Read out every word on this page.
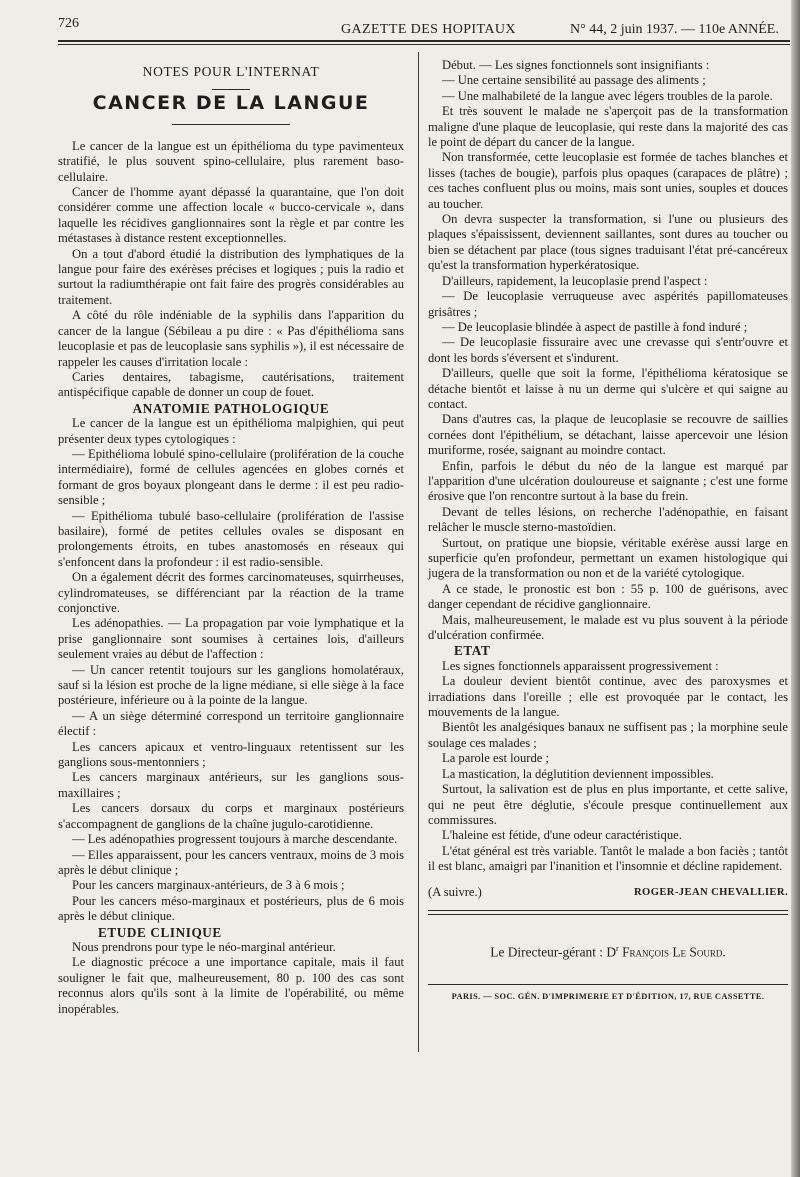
726	GAZETTE DES HOPITAUX	N° 44, 2 juin 1937. — 110e ANNÉE.
NOTES POUR L'INTERNAT
CANCER DE LA LANGUE

Le cancer de la langue est un épithélioma du type pavimenteux stratifié, le plus souvent spino-cellulaire, plus rarement baso-cellulaire.

Cancer de l'homme ayant dépassé la quarantaine, que l'on doit considérer comme une affection locale « bucco-cervicale », dans laquelle les récidives ganglionnaires sont la règle et par contre les métastases à distance restent exceptionnelles.

On a tout d'abord étudié la distribution des lymphatiques de la langue pour faire des exérèses précises et logiques ; puis la radio et surtout la radiumthérapie ont fait faire des progrès considérables au traitement.

A côté du rôle indéniable de la syphilis dans l'apparition du cancer de la langue (Sébileau a pu dire : « Pas d'épithélioma sans leucoplasie et pas de leucoplasie sans syphilis »), il est nécessaire de rappeler les causes d'irritation locale :

Caries dentaires, tabagisme, cautérisations, traitement antispécifique capable de donner un coup de fouet.

ANATOMIE PATHOLOGIQUE

Le cancer de la langue est un épithélioma malpighien, qui peut présenter deux types cytologiques :

— Epithélioma lobulé spino-cellulaire (prolifération de la couche intermédiaire), formé de cellules agencées en globes cornés et formant de gros boyaux plongeant dans le derme : il est peu radio-sensible ;

— Epithélioma tubulé baso-cellulaire (prolifération de l'assise basilaire), formé de petites cellules ovales se disposant en prolongements étroits, en tubes anastomosés en réseaux qui s'enfoncent dans la profondeur : il est radio-sensible.

On a également décrit des formes carcinomateuses, squirrheuses, cylindromateuses, se différenciant par la réaction de la trame conjonctive.

Les adénopathies. — La propagation par voie lymphatique et la prise ganglionnaire sont soumises à certaines lois, d'ailleurs seulement vraies au début de l'affection :

— Un cancer retentit toujours sur les ganglions homolatéraux, sauf si la lésion est proche de la ligne médiane, si elle siège à la face postérieure, inférieure ou à la pointe de la langue.

— A un siège déterminé correspond un territoire ganglionnaire électif :

Les cancers apicaux et ventro-linguaux retentissent sur les ganglions sous-mentonniers ;

Les cancers marginaux antérieurs, sur les ganglions sous-maxillaires ;

Les cancers dorsaux du corps et marginaux postérieurs s'accompagnent de ganglions de la chaîne jugulo-carotidienne.

— Les adénopathies progressent toujours à marche descendante.

— Elles apparaissent, pour les cancers ventraux, moins de 3 mois après le début clinique ;

Pour les cancers marginaux-antérieurs, de 3 à 6 mois ;

Pour les cancers méso-marginaux et postérieurs, plus de 6 mois après le début clinique.

ETUDE CLINIQUE

Nous prendrons pour type le néo-marginal antérieur.

Le diagnostic précoce a une importance capitale, mais il faut souligner le fait que, malheureusement, 80 p. 100 des cas sont reconnus alors qu'ils sont à la limite de l'opérabilité, ou même inopérables.

Début. — Les signes fonctionnels sont insignifiants :

— Une certaine sensibilité au passage des aliments ;

— Une malhabileté de la langue avec légers troubles de la parole.

Et très souvent le malade ne s'aperçoit pas de la transformation maligne d'une plaque de leucoplasie, qui reste dans la majorité des cas le point de départ du cancer de la langue.

Non transformée, cette leucoplasie est formée de taches blanches et lisses (taches de bougie), parfois plus opaques (carapaces de plâtre) ; ces taches confluent plus ou moins, mais sont unies, souples et douces au toucher.

On devra suspecter la transformation, si l'une ou plusieurs des plaques s'épaississent, deviennent saillantes, sont dures au toucher ou bien se détachent par place (tous signes traduisant l'état pré-cancéreux qu'est la transformation hyperkératosique.

D'ailleurs, rapidement, la leucoplasie prend l'aspect :

— De leucoplasie verruqueuse avec aspérités papillomateuses grisâtres ;

— De leucoplasie blindée à aspect de pastille à fond induré ;

— De leucoplasie fissuraire avec une crevasse qui s'entr'ouvre et dont les bords s'éversent et s'indurent.

D'ailleurs, quelle que soit la forme, l'épithélioma kératosique se détache bientôt et laisse à nu un derme qui s'ulcère et qui saigne au contact.

Dans d'autres cas, la plaque de leucoplasie se recouvre de saillies cornées dont l'épithélium, se détachant, laisse apercevoir une lésion muriforme, rosée, saignant au moindre contact.

Enfin, parfois le début du néo de la langue est marqué par l'apparition d'une ulcération douloureuse et saignante ; c'est une forme érosive que l'on rencontre surtout à la base du frein.

Devant de telles lésions, on recherche l'adénopathie, en faisant relâcher le muscle sterno-mastoïdien.

Surtout, on pratique une biopsie, véritable exérèse aussi large en superficie qu'en profondeur, permettant un examen histologique qui jugera de la transformation ou non et de la variété cytologique.

A ce stade, le pronostic est bon : 55 p. 100 de guérisons, avec danger cependant de récidive ganglionnaire.

Mais, malheureusement, le malade est vu plus souvent à la période d'ulcération confirmée.

ETAT

Les signes fonctionnels apparaissent progressivement :

La douleur devient bientôt continue, avec des paroxysmes et irradiations dans l'oreille ; elle est provoquée par le contact, les mouvements de la langue.

Bientôt les analgésiques banaux ne suffisent pas ; la morphine seule soulage ces malades ;

La parole est lourde ;

La mastication, la déglutition deviennent impossibles.

Surtout, la salivation est de plus en plus importante, et cette salive, qui ne peut être déglutie, s'écoule presque continuellement aux commissures.

L'haleine est fétide, d'une odeur caractéristique.

L'état général est très variable. Tantôt le malade a bon faciès ; tantôt il est blanc, amaigri par l'inanition et l'insomnie et décline rapidement.

(A suivre.)	ROGER-JEAN CHEVALLIER.
Le Directeur-gérant : $D^r$ François Le Sourd.
PARIS. — SOC. GÉN. D'IMPRIMERIE ET D'ÉDITION, 17, RUE CASSETTE.
